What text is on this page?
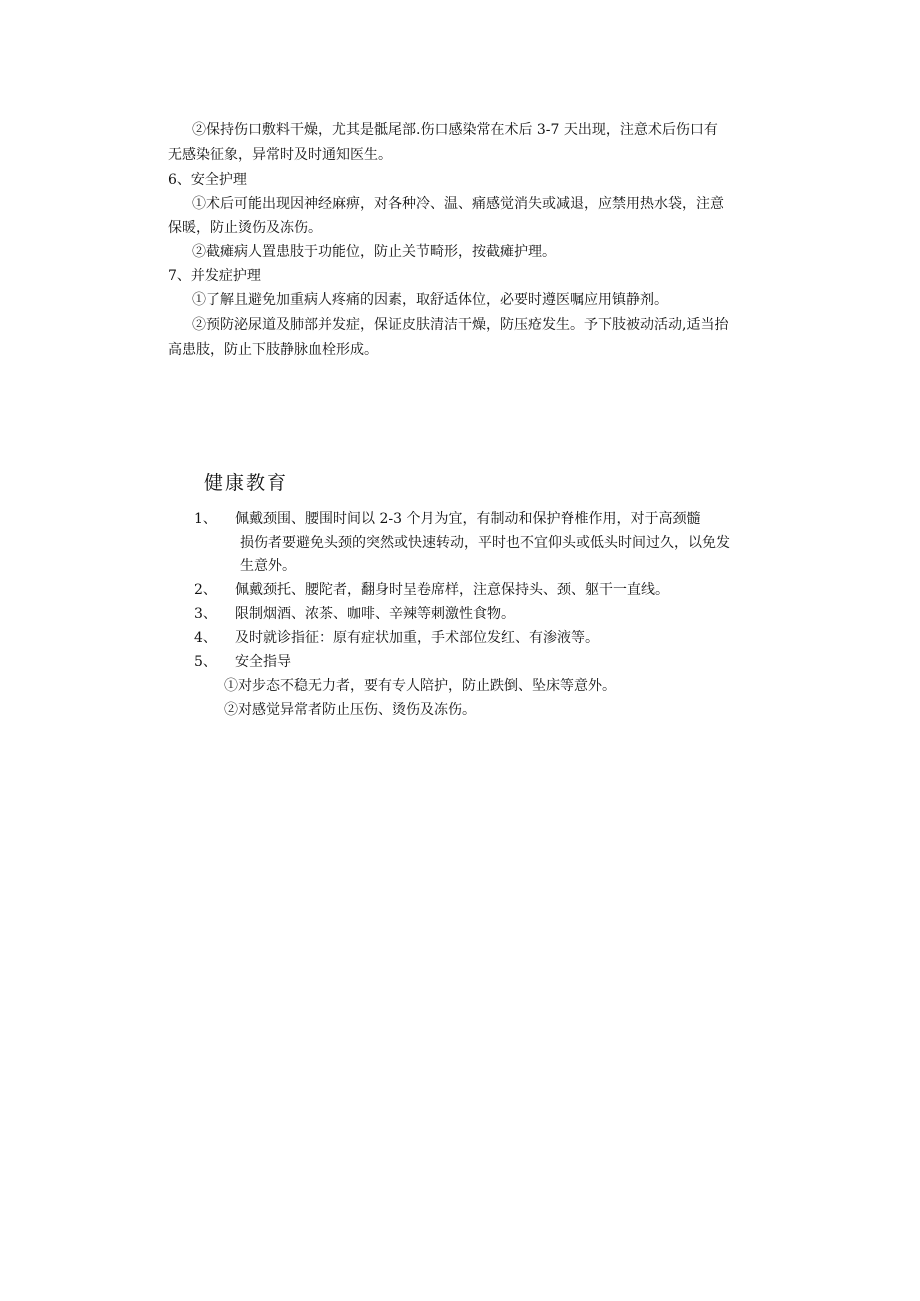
②保持伤口敷料干燥，尤其是骶尾部.伤口感染常在术后 3-7 天出现，注意术后伤口有
无感染征象，异常时及时通知医生。
6、安全护理
①术后可能出现因神经麻痹，对各种冷、温、痛感觉消失或减退，应禁用热水袋，注意
保暖，防止烫伤及冻伤。
②截瘫病人置患肢于功能位，防止关节畸形，按截瘫护理。
7、并发症护理
①了解且避免加重病人疼痛的因素，取舒适体位，必要时遵医嘱应用镇静剂。
②预防泌尿道及肺部并发症，保证皮肤清洁干燥，防压疮发生。予下肢被动活动,适当抬
高患肢，防止下肢静脉血栓形成。
健康教育
1、 佩戴颈围、腰围时间以 2-3 个月为宜，有制动和保护脊椎作用，对于高颈髓
损伤者要避免头颈的突然或快速转动，平时也不宜仰头或低头时间过久，以免发
生意外。
2、 佩戴颈托、腰陀者，翻身时呈卷席样，注意保持头、颈、躯干一直线。
3、 限制烟酒、浓茶、咖啡、辛辣等刺激性食物。
4、 及时就诊指征：原有症状加重，手术部位发红、有渗液等。
5、 安全指导
①对步态不稳无力者，要有专人陪护，防止跌倒、坠床等意外。
②对感觉异常者防止压伤、烫伤及冻伤。
